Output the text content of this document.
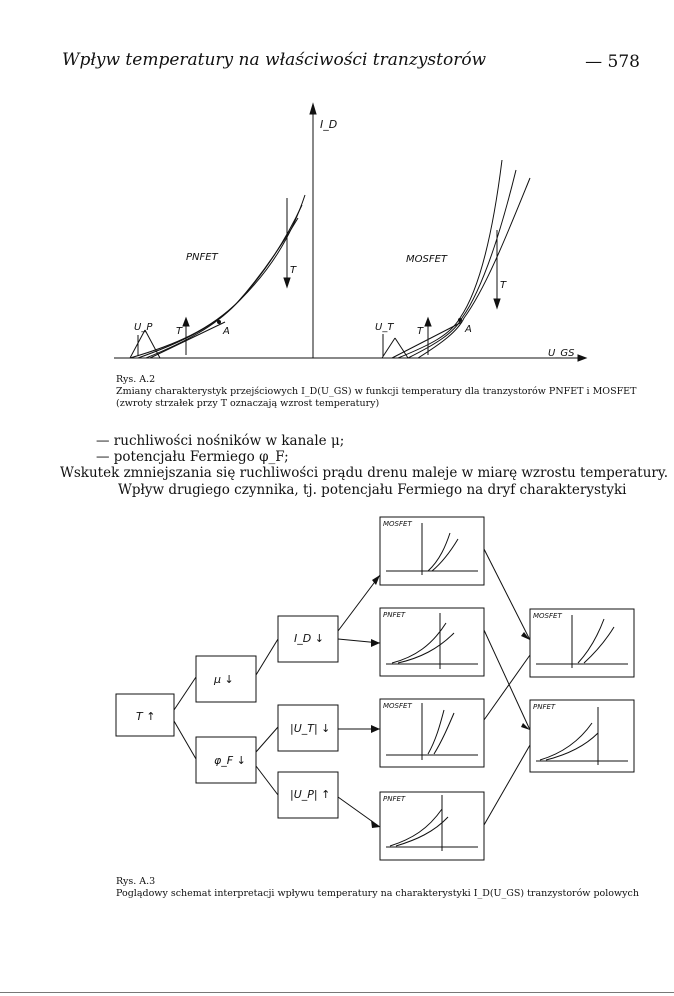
Wpływ temperatury na właściwości tranzystorów	— 578
I_D
U_GS
PNFET	MOSFET
U_P	U_T
T
T
T	T
A	A
Rys. A.2
Zmiany charakterystyk przejściowych I_D(U_GS) w funkcji temperatury dla tranzystorów PNFET i MOSFET (zwroty strzałek przy T oznaczają wzrost temperatury)
— ruchliwości nośników w kanale μ;
— potencjału Fermiego φ_F;
Wskutek zmniejszania się ruchliwości prądu drenu maleje w miarę wzrostu temperatury.
Wpływ drugiego czynnika, tj. potencjału Fermiego na dryf charakterystyki
T ↑
μ ↓
φ_F ↓
I_D ↓
|U_T| ↓
|U_P| ↑
MOSFET
PNFET
MOSFET
PNFET
MOSFET
PNFET
Rys. A.3
Poglądowy schemat interpretacji wpływu temperatury na charakterystyki I_D(U_GS) tranzystorów polowych
